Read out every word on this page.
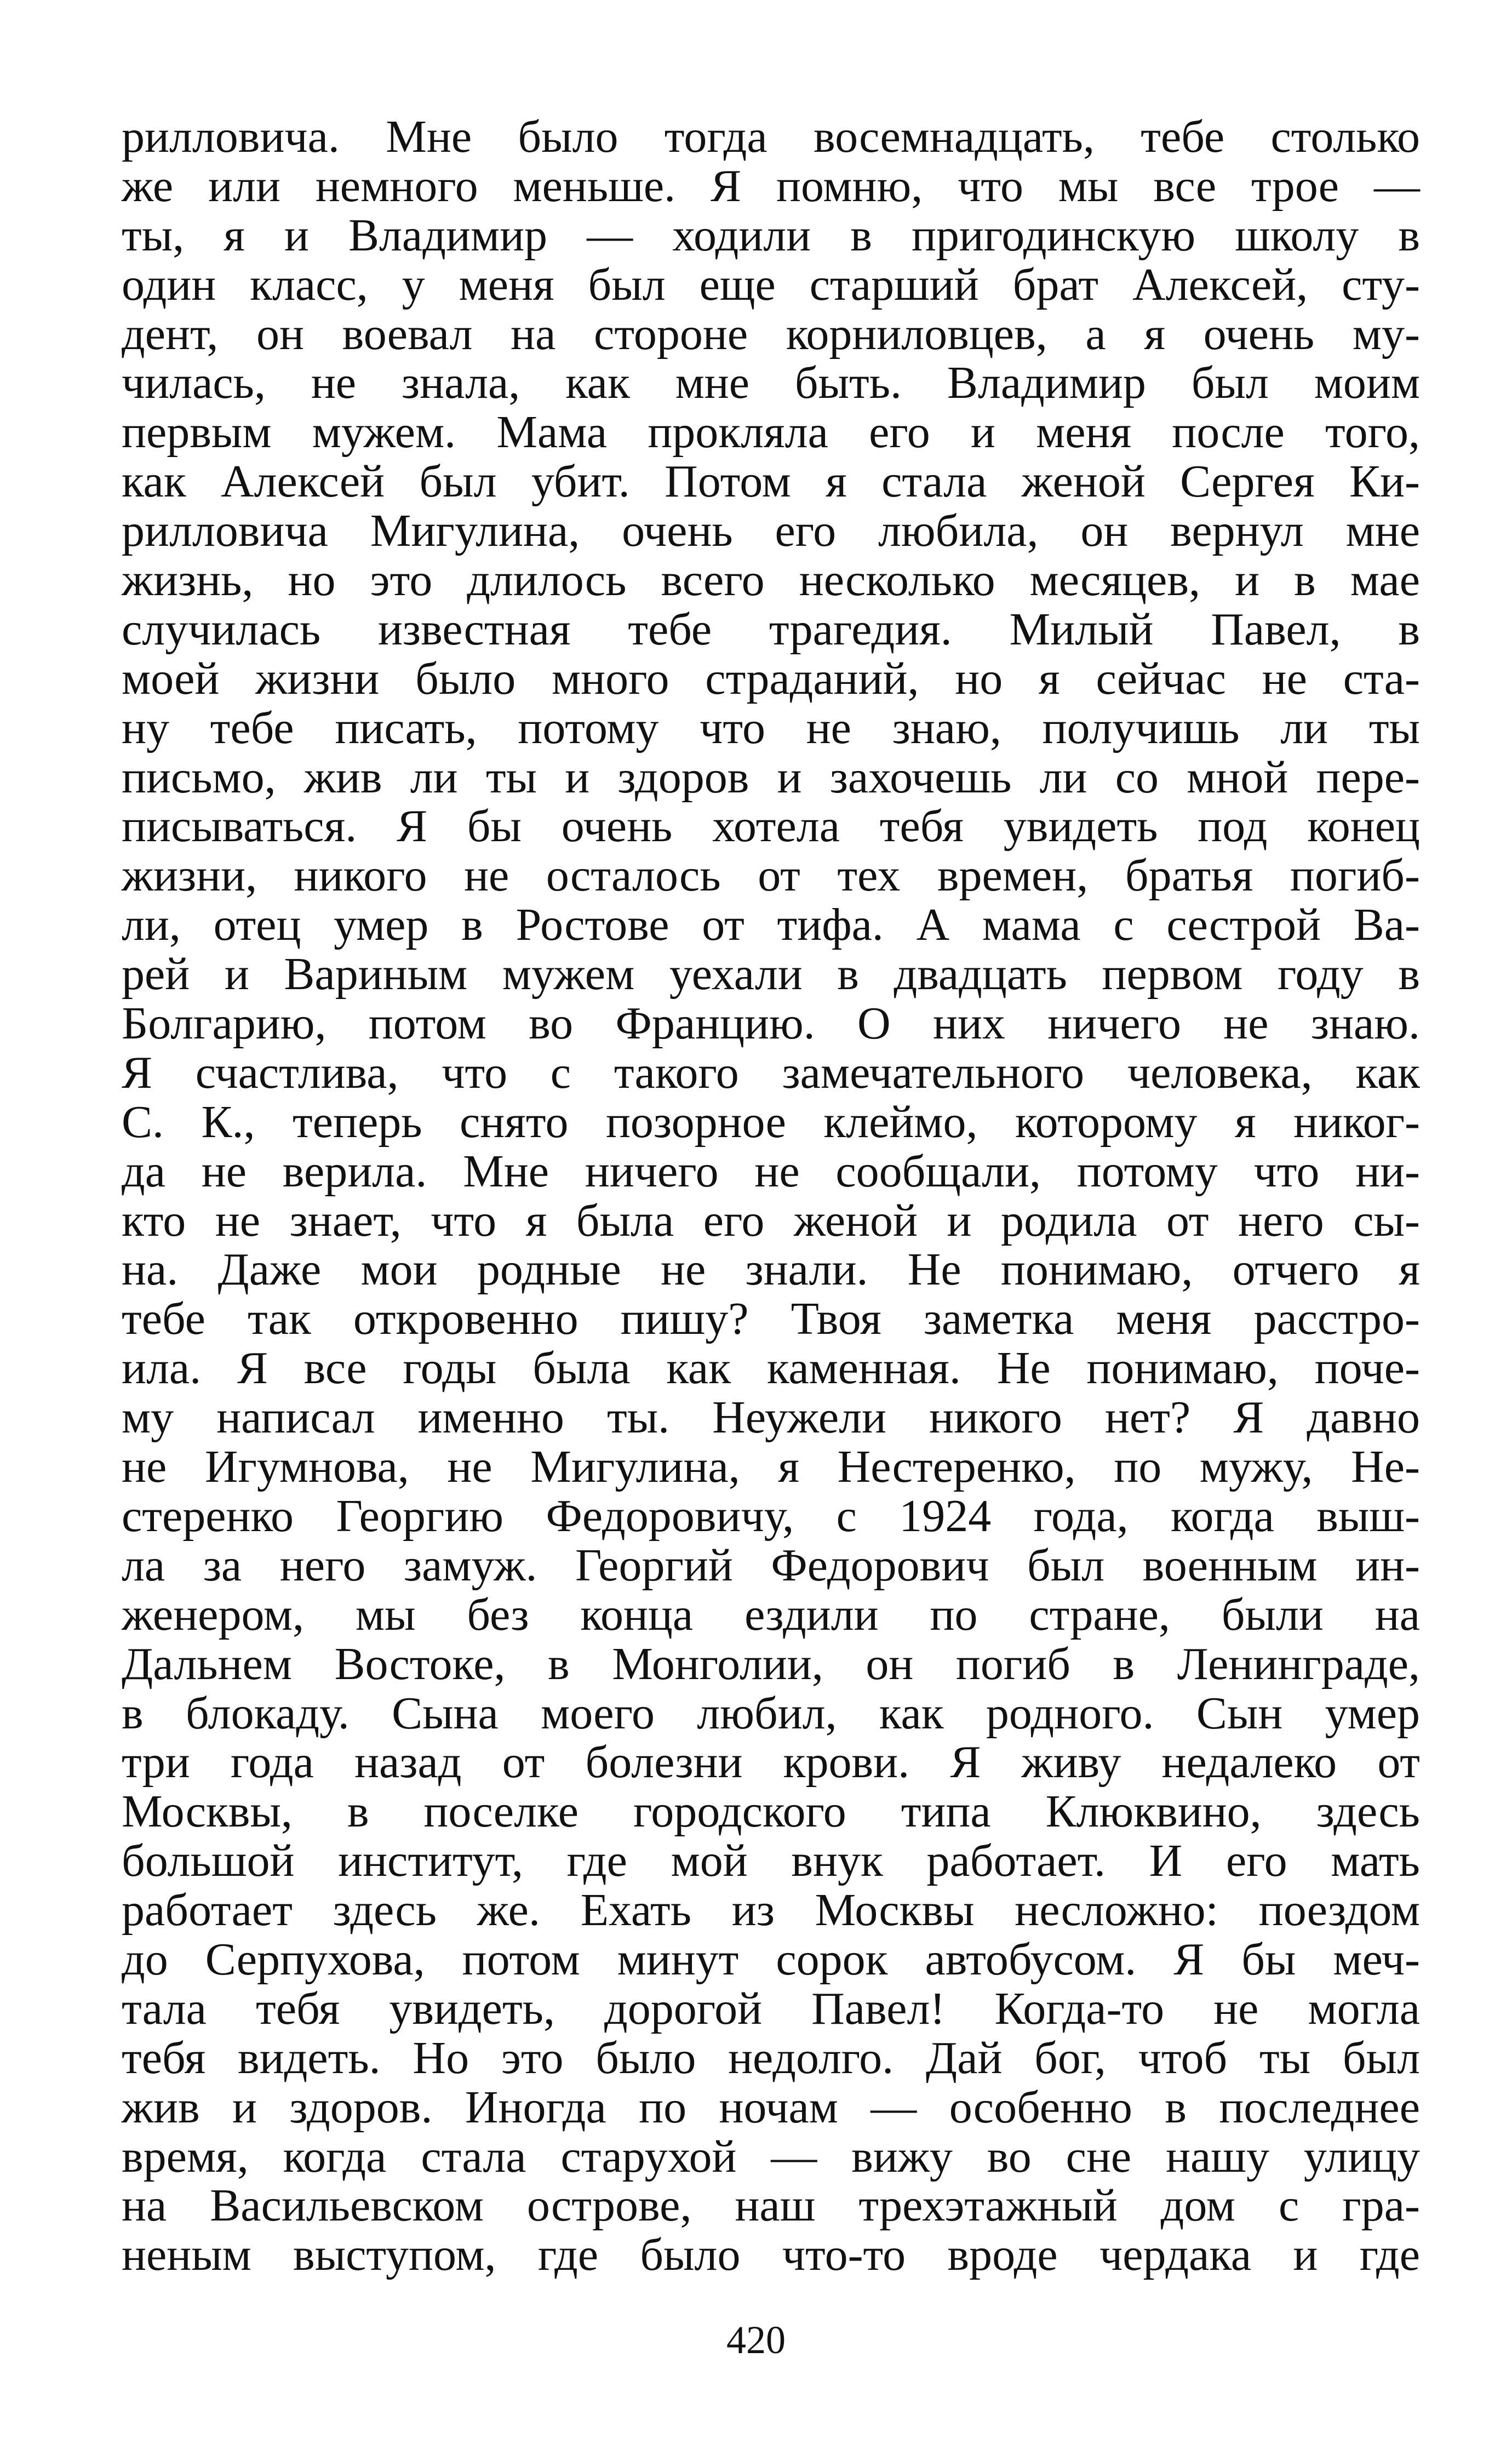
рилловича. Мне было тогда восемнадцать, тебе столько
же или немного меньше. Я помню, что мы все трое —
ты, я и Владимир — ходили в пригодинскую школу в
один класс, у меня был еще старший брат Алексей, сту-
дент, он воевал на стороне корниловцев, а я очень му-
чилась, не знала, как мне быть. Владимир был моим
первым мужем. Мама прокляла его и меня после того,
как Алексей был убит. Потом я стала женой Сергея Ки-
рилловича Мигулина, очень его любила, он вернул мне
жизнь, но это длилось всего несколько месяцев, и в мае
случилась известная тебе трагедия. Милый Павел, в
моей жизни было много страданий, но я сейчас не ста-
ну тебе писать, потому что не знаю, получишь ли ты
письмо, жив ли ты и здоров и захочешь ли со мной пере-
писываться. Я бы очень хотела тебя увидеть под конец
жизни, никого не осталось от тех времен, братья погиб-
ли, отец умер в Ростове от тифа. А мама с сестрой Ва-
рей и Вариным мужем уехали в двадцать первом году в
Болгарию, потом во Францию. О них ничего не знаю.
Я счастлива, что с такого замечательного человека, как
С. К., теперь снято позорное клеймо, которому я никог-
да не верила. Мне ничего не сообщали, потому что ни-
кто не знает, что я была его женой и родила от него сы-
на. Даже мои родные не знали. Не понимаю, отчего я
тебе так откровенно пишу? Твоя заметка меня расстро-
ила. Я все годы была как каменная. Не понимаю, поче-
му написал именно ты. Неужели никого нет? Я давно
не Игумнова, не Мигулина, я Нестеренко, по мужу, Не-
стеренко Георгию Федоровичу, с 1924 года, когда выш-
ла за него замуж. Георгий Федорович был военным ин-
женером, мы без конца ездили по стране, были на
Дальнем Востоке, в Монголии, он погиб в Ленинграде,
в блокаду. Сына моего любил, как родного. Сын умер
три года назад от болезни крови. Я живу недалеко от
Москвы, в поселке городского типа Клюквино, здесь
большой институт, где мой внук работает. И его мать
работает здесь же. Ехать из Москвы несложно: поездом
до Серпухова, потом минут сорок автобусом. Я бы меч-
тала тебя увидеть, дорогой Павел! Когда-то не могла
тебя видеть. Но это было недолго. Дай бог, чтоб ты был
жив и здоров. Иногда по ночам — особенно в последнее
время, когда стала старухой — вижу во сне нашу улицу
на Васильевском острове, наш трехэтажный дом с гра-
неным выступом, где было что-то вроде чердака и где
420
